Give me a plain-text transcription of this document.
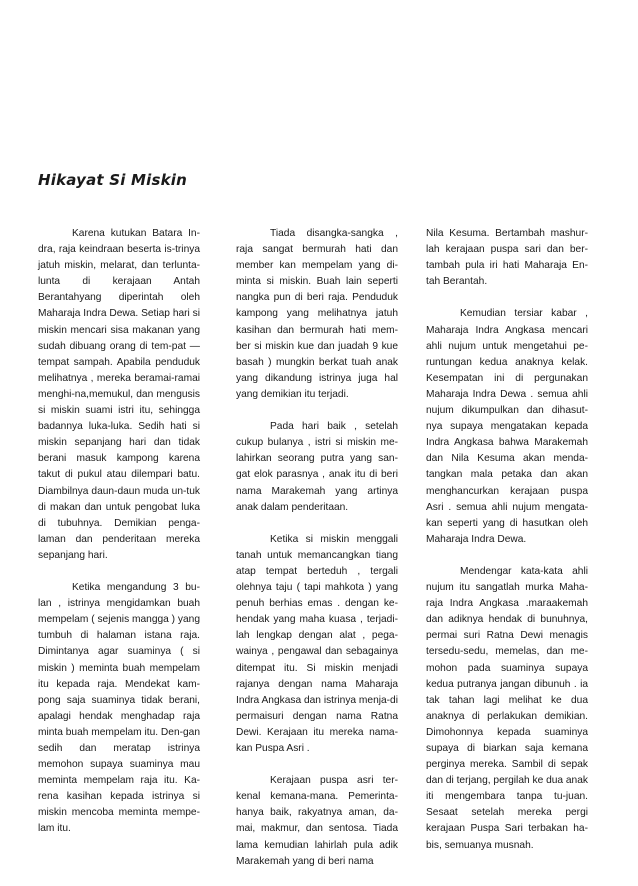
Hikayat Si Miskin

Karena kutukan Batara In-dra, raja keindraan beserta is-trinya jatuh miskin, melarat, dan terlunta-lunta di kerajaan Antah Berantahyang diperintah oleh Maharaja Indra Dewa. Setiap hari si miskin mencari sisa makanan yang sudah dibuang orang di tem-pat — tempat sampah. Apabila penduduk melihatnya , mereka beramai-ramai menghi-na,memukul, dan mengusis si miskin suami istri itu, sehingga badannya luka-luka. Sedih hati si miskin sepanjang hari dan tidak berani masuk kampong karena takut di pukul atau dilempari batu. Diambilnya daun-daun muda un-tuk di makan dan untuk pengobat luka di tubuhnya. Demikian penga-laman dan penderitaan mereka sepanjang hari.

Ketika mengandung 3 bu-lan , istrinya mengidamkan buah mempelam ( sejenis mangga ) yang tumbuh di halaman istana raja. Dimintanya agar suaminya ( si miskin ) meminta buah mempelam itu kepada raja. Mendekat kam-pong saja suaminya tidak berani, apalagi hendak menghadap raja minta buah mempelam itu. Den-gan sedih dan meratap istrinya memohon supaya suaminya mau meminta mempelam raja itu. Ka-rena kasihan kepada istrinya si miskin mencoba meminta mempe-lam itu.

Tiada disangka-sangka , raja sangat bermurah hati dan member kan mempelam yang di-minta si miskin. Buah lain seperti nangka pun di beri raja. Penduduk kampong yang melihatnya jatuh kasihan dan bermurah hati mem-ber si miskin kue dan juadah 9 kue basah ) mungkin berkat tuah anak yang dikandung istrinya juga hal yang demikian itu terjadi.

Pada hari baik , setelah cukup bulanya , istri si miskin me-lahirkan seorang putra yang san-gat elok parasnya , anak itu di beri nama Marakemah yang artinya anak dalam penderitaan.

Ketika si miskin menggali tanah untuk memancangkan tiang atap tempat berteduh , tergali olehnya taju ( tapi mahkota ) yang penuh berhias emas . dengan ke-hendak yang maha kuasa , terjadi-lah lengkap dengan alat , pega-wainya , pengawal dan sebagainya ditempat itu. Si miskin menjadi rajanya dengan nama Maharaja Indra Angkasa dan istrinya menja-di permaisuri dengan nama Ratna Dewi. Kerajaan itu mereka nama-kan Puspa Asri .

Kerajaan puspa asri ter-kenal kemana-mana. Pemerinta-hanya baik, rakyatnya aman, da-mai, makmur, dan sentosa. Tiada lama kemudian lahirlah pula adik Marakemah yang di beri nama

Nila Kesuma. Bertambah mashur-lah kerajaan puspa sari dan ber-tambah pula iri hati Maharaja En-tah Berantah.

Kemudian tersiar kabar , Maharaja Indra Angkasa mencari ahli nujum untuk mengetahui pe-runtungan kedua anaknya kelak. Kesempatan ini di pergunakan Maharaja Indra Dewa . semua ahli nujum dikumpulkan dan dihasut-nya supaya mengatakan kepada Indra Angkasa bahwa Marakemah dan Nila Kesuma akan menda-tangkan mala petaka dan akan menghancurkan kerajaan puspa Asri . semua ahli nujum mengata-kan seperti yang di hasutkan oleh Maharaja Indra Dewa.

Mendengar kata-kata ahli nujum itu sangatlah murka Maha-raja Indra Angkasa .maraakemah dan adiknya hendak di bunuhnya, permai suri Ratna Dewi menagis tersedu-sedu, memelas, dan me-mohon pada suaminya supaya kedua putranya jangan dibunuh . ia tak tahan lagi melihat ke dua anaknya di perlakukan demikian. Dimohonnya kepada suaminya supaya di biarkan saja kemana perginya mereka. Sambil di sepak dan di terjang, pergilah ke dua anak iti mengembara tanpa tu-juan. Sesaat setelah mereka pergi kerajaan Puspa Sari terbakan ha-bis, semuanya musnah.
